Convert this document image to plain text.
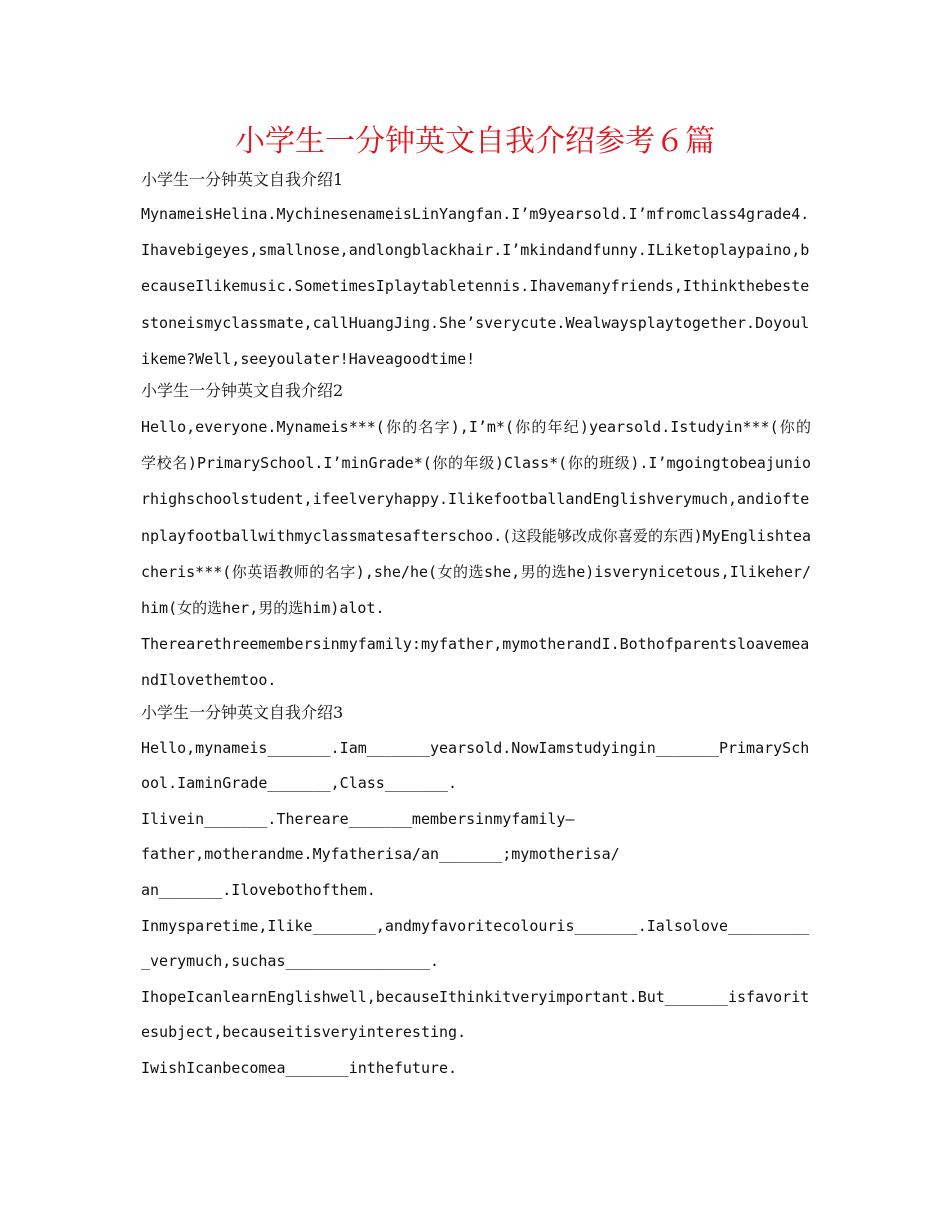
小学生一分钟英文自我介绍参考６篇
小学生一分钟英文自我介绍1

MynameisHelina.MychinesenameisLinYangfan.I’m9yearsold.I’mfromclass4grade4.Ihavebigeyes,smallnose,andlongblackhair.I’mkindandfunny.ILiketoplaypaino,becauseIlikemusic.SometimesIplaytabletennis.Ihavemanyfriends,Ithinkthebestestoneismyclassmate,callHuangJing.She’sverycute.Wealwaysplaytogether.Doyoulikeme?Well,seeyoulater!Haveagoodtime!

小学生一分钟英文自我介绍2

Hello,everyone.Mynameis***(你的名字),I’m*(你的年纪)yearsold.Istudyin***(你的学校名)PrimarySchool.I’minGrade*(你的年级)Class*(你的班级).I’mgoingtobeajuniorhighschoolstudent,ifeelveryhappy.IlikefootballandEnglishverymuch,andioftenplayfootballwithmyclassmatesafterschoo.(这段能够改成你喜爱的东西)MyEnglishteacheris***(你英语教师的名字),she/he(女的选she,男的选he)isverynicetous,Ilikeher/him(女的选her,男的选him)alot.

Therearethreemembersinmyfamily:myfather,mymotherandI.BothofparentsloavemeandIlovethemtoo.

小学生一分钟英文自我介绍3

Hello,mynameis_______.Iam_______yearsold.NowIamstudyingin_______PrimarySchool.IaminGrade_______,Class_______.

Ilivein_______.Thereare_______membersinmyfamily—

father,motherandme.Myfatherisa/an_______;mymotherisa/

an_______.Ilovebothofthem.

Inmysparetime,Ilike_______,andmyfavoritecolouris_______.Ialsolove__________verymuch,suchas________________.

IhopeIcanlearnEnglishwell,becauseIthinkitveryimportant.But_______isfavoritesubject,becauseitisveryinteresting.

IwishIcanbecomea_______inthefuture.
